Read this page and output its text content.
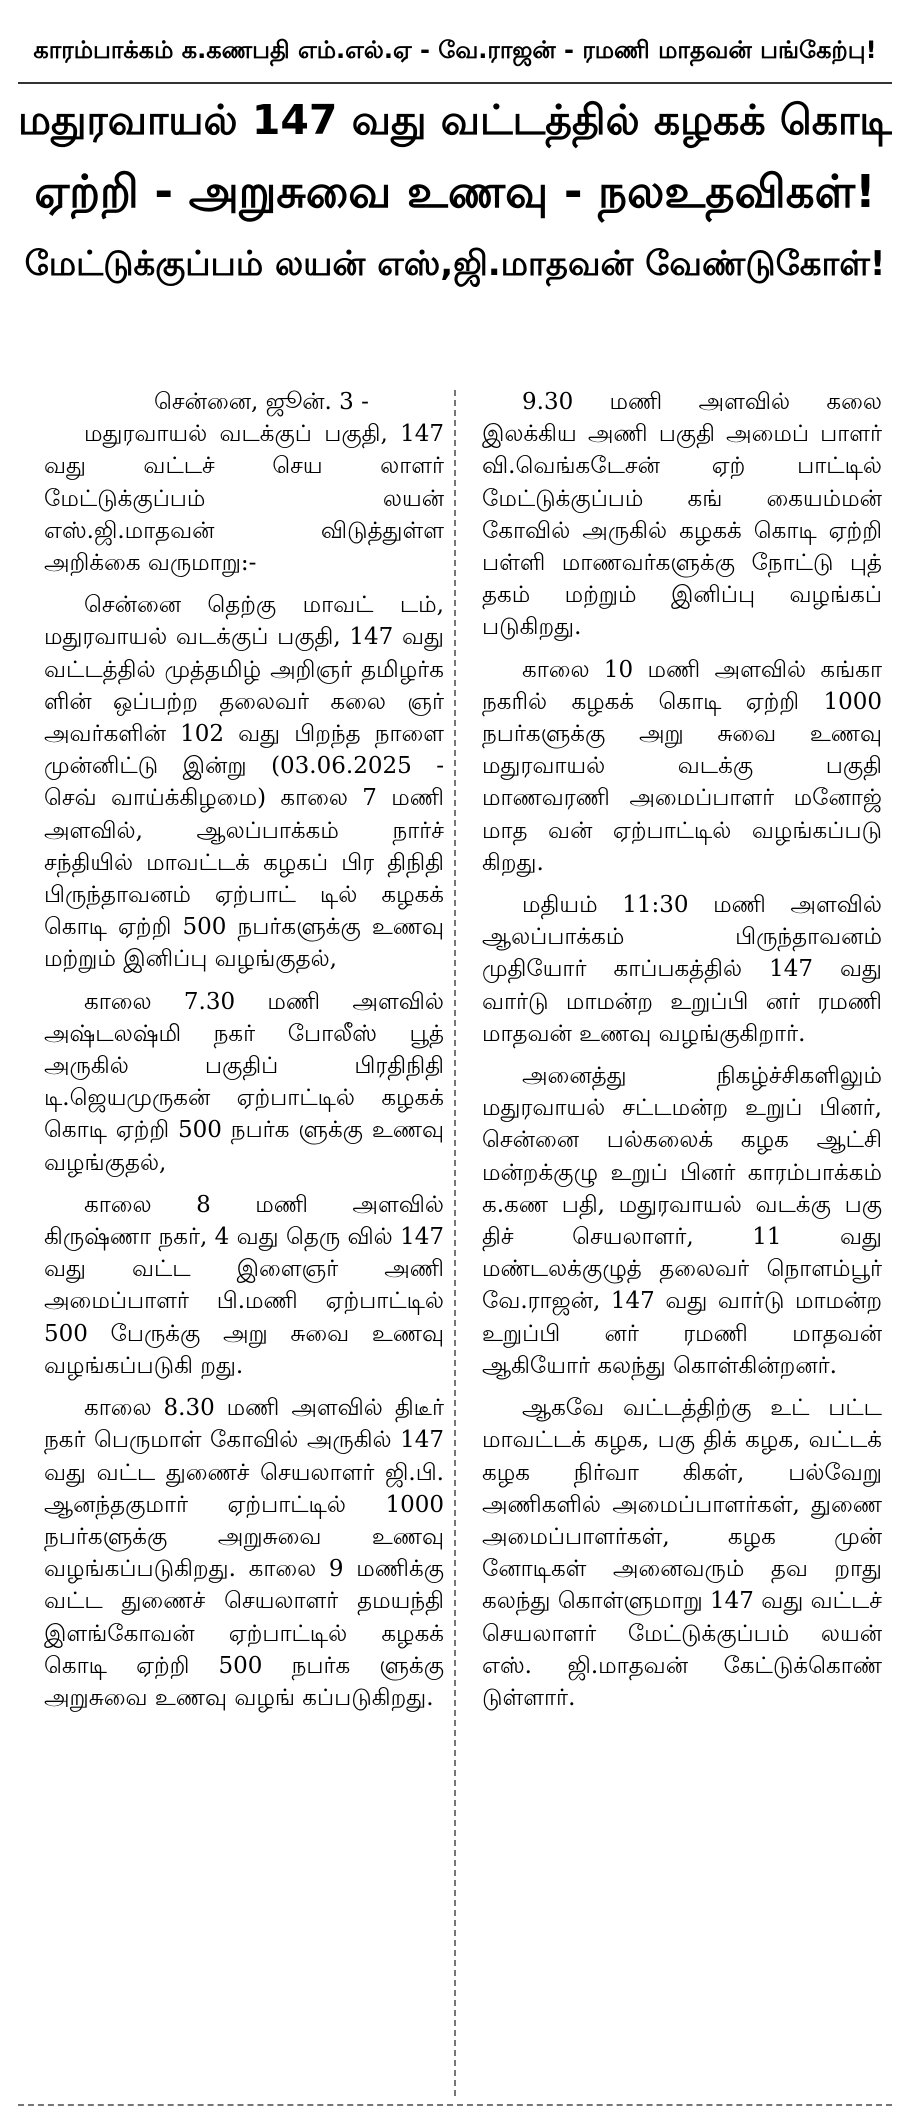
காரம்பாக்கம் க.கணபதி எம்.எல்.ஏ - வே.ராஜன் - ரமணி மாதவன் பங்கேற்பு!

மதுரவாயல் 147 வது வட்டத்தில் கழகக் கொடி

ஏற்றி - அறுசுவை உணவு - நலஉதவிகள்!

மேட்டுக்குப்பம் லயன் எஸ்,ஜி.மாதவன் வேண்டுகோள்!

சென்னை, ஜூன். 3 -

மதுரவாயல் வடக்குப் பகுதி, 147 வது வட்டச் செய லாளர் மேட்டுக்குப்பம் லயன் எஸ்.ஜி.மாதவன் விடுத்துள்ள அறிக்கை வருமாறு:-

சென்னை தெற்கு மாவட் டம், மதுரவாயல் வடக்குப் பகுதி, 147 வது வட்டத்தில் முத்தமிழ் அறிஞர் தமிழர்க ளின் ஒப்பற்ற தலைவர் கலை ஞர் அவர்களின் 102 வது பிறந்த நாளை முன்னிட்டு இன்று (03.06.2025 - செவ் வாய்க்கிழமை) காலை 7 மணி அளவில், ஆலப்பாக்கம் நார்ச் சந்தியில் மாவட்டக் கழகப் பிர திநிதி பிருந்தாவனம் ஏற்பாட் டில் கழகக் கொடி ஏற்றி 500 நபர்களுக்கு உணவு மற்றும் இனிப்பு வழங்குதல்,

காலை 7.30 மணி அளவில் அஷ்டலஷ்மி நகர் போலீஸ் பூத் அருகில் பகுதிப் பிரதிநிதி டி.ஜெயமுருகன் ஏற்பாட்டில் கழகக் கொடி ஏற்றி 500 நபர்க ளுக்கு உணவு வழங்குதல்,

காலை 8 மணி அளவில் கிருஷ்ணா நகர், 4 வது தெரு வில் 147 வது வட்ட இளைஞர் அணி அமைப்பாளர் பி.மணி ஏற்பாட்டில் 500 பேருக்கு அறு சுவை உணவு வழங்கப்படுகி றது.

காலை 8.30 மணி அளவில் திடீர் நகர் பெருமாள் கோவில் அருகில் 147 வது வட்ட துணைச் செயலாளர் ஜி.பி. ஆனந்தகுமார் ஏற்பாட்டில் 1000 நபர்களுக்கு அறுசுவை உணவு வழங்கப்படுகிறது. காலை 9 மணிக்கு வட்ட துணைச் செயலாளர் தமயந்தி இளங்கோவன் ஏற்பாட்டில் கழகக் கொடி ஏற்றி 500 நபர்க ளுக்கு அறுசுவை உணவு வழங் கப்படுகிறது.

9.30 மணி அளவில் கலை இலக்கிய அணி பகுதி அமைப் பாளர் வி.வெங்கடேசன் ஏற் பாட்டில் மேட்டுக்குப்பம் கங் கையம்மன் கோவில் அருகில் கழகக் கொடி ஏற்றி பள்ளி மாணவர்களுக்கு நோட்டு புத் தகம் மற்றும் இனிப்பு வழங்கப் படுகிறது.

காலை 10 மணி அளவில் கங்கா நகரில் கழகக் கொடி ஏற்றி 1000 நபர்களுக்கு அறு சுவை உணவு மதுரவாயல் வடக்கு பகுதி மாணவரணி அமைப்பாளர் மனோஜ் மாத வன் ஏற்பாட்டில் வழங்கப்படு கிறது.

மதியம் 11:30 மணி அளவில் ஆலப்பாக்கம் பிருந்தாவனம் முதியோர் காப்பகத்தில் 147 வது வார்டு மாமன்ற உறுப்பி னர் ரமணி மாதவன் உணவு வழங்குகிறார்.

அனைத்து நிகழ்ச்சிகளிலும் மதுரவாயல் சட்டமன்ற உறுப் பினர், சென்னை பல்கலைக் கழக ஆட்சி மன்றக்குழு உறுப் பினர் காரம்பாக்கம் க.கண பதி, மதுரவாயல் வடக்கு பகு திச் செயலாளர், 11 வது மண்டலக்குழுத் தலைவர் நொளம்பூர் வே.ராஜன், 147 வது வார்டு மாமன்ற உறுப்பி னர் ரமணி மாதவன் ஆகியோர் கலந்து கொள்கின்றனர்.

ஆகவே வட்டத்திற்கு உட் பட்ட மாவட்டக் கழக, பகு திக் கழக, வட்டக் கழக நிர்வா கிகள், பல்வேறு அணிகளில் அமைப்பாளர்கள், துணை அமைப்பாளர்கள், கழக முன் னோடிகள் அனைவரும் தவ றாது கலந்து கொள்ளுமாறு 147 வது வட்டச் செயலாளர் மேட்டுக்குப்பம் லயன் எஸ். ஜி.மாதவன் கேட்டுக்கொண் டுள்ளார்.
